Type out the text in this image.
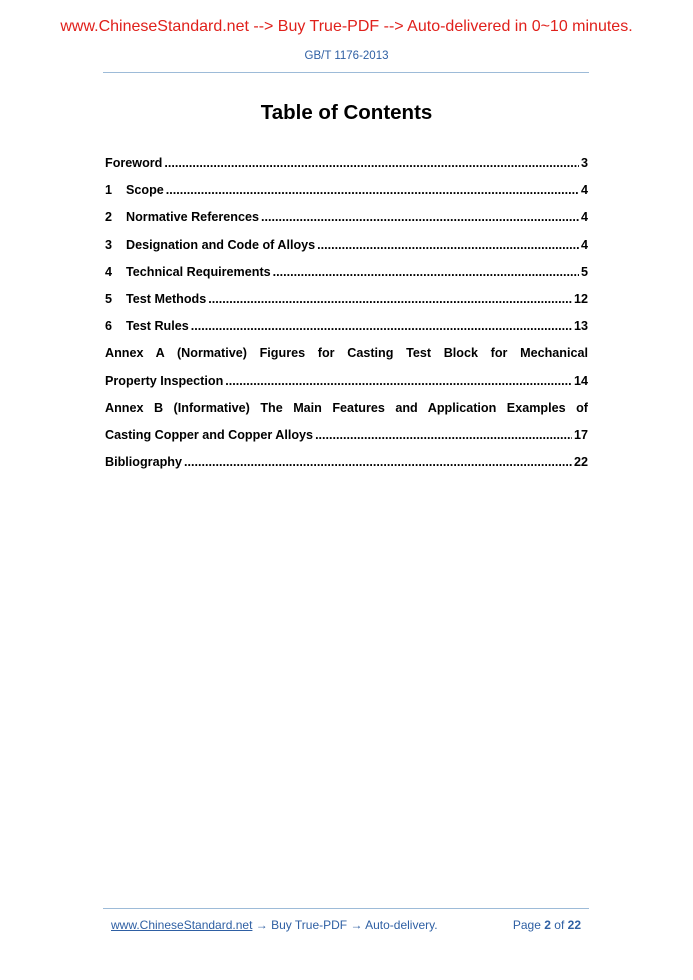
www.ChineseStandard.net --> Buy True-PDF --> Auto-delivered in 0~10 minutes.
GB/T 1176-2013
Table of Contents
Foreword .....	3
1	Scope .....	4
2	Normative References .....	4
3	Designation and Code of Alloys .....	4
4	Technical Requirements .....	5
5	Test Methods .....	12
6	Test Rules .....	13
Annex A (Normative) Figures for Casting Test Block for Mechanical
Property Inspection .....	14
Annex B (Informative) The Main Features and Application Examples of
Casting Copper and Copper Alloys .....	17
Bibliography .....	22
www.ChineseStandard.net → Buy True-PDF → Auto-delivery.	Page 2 of 22
